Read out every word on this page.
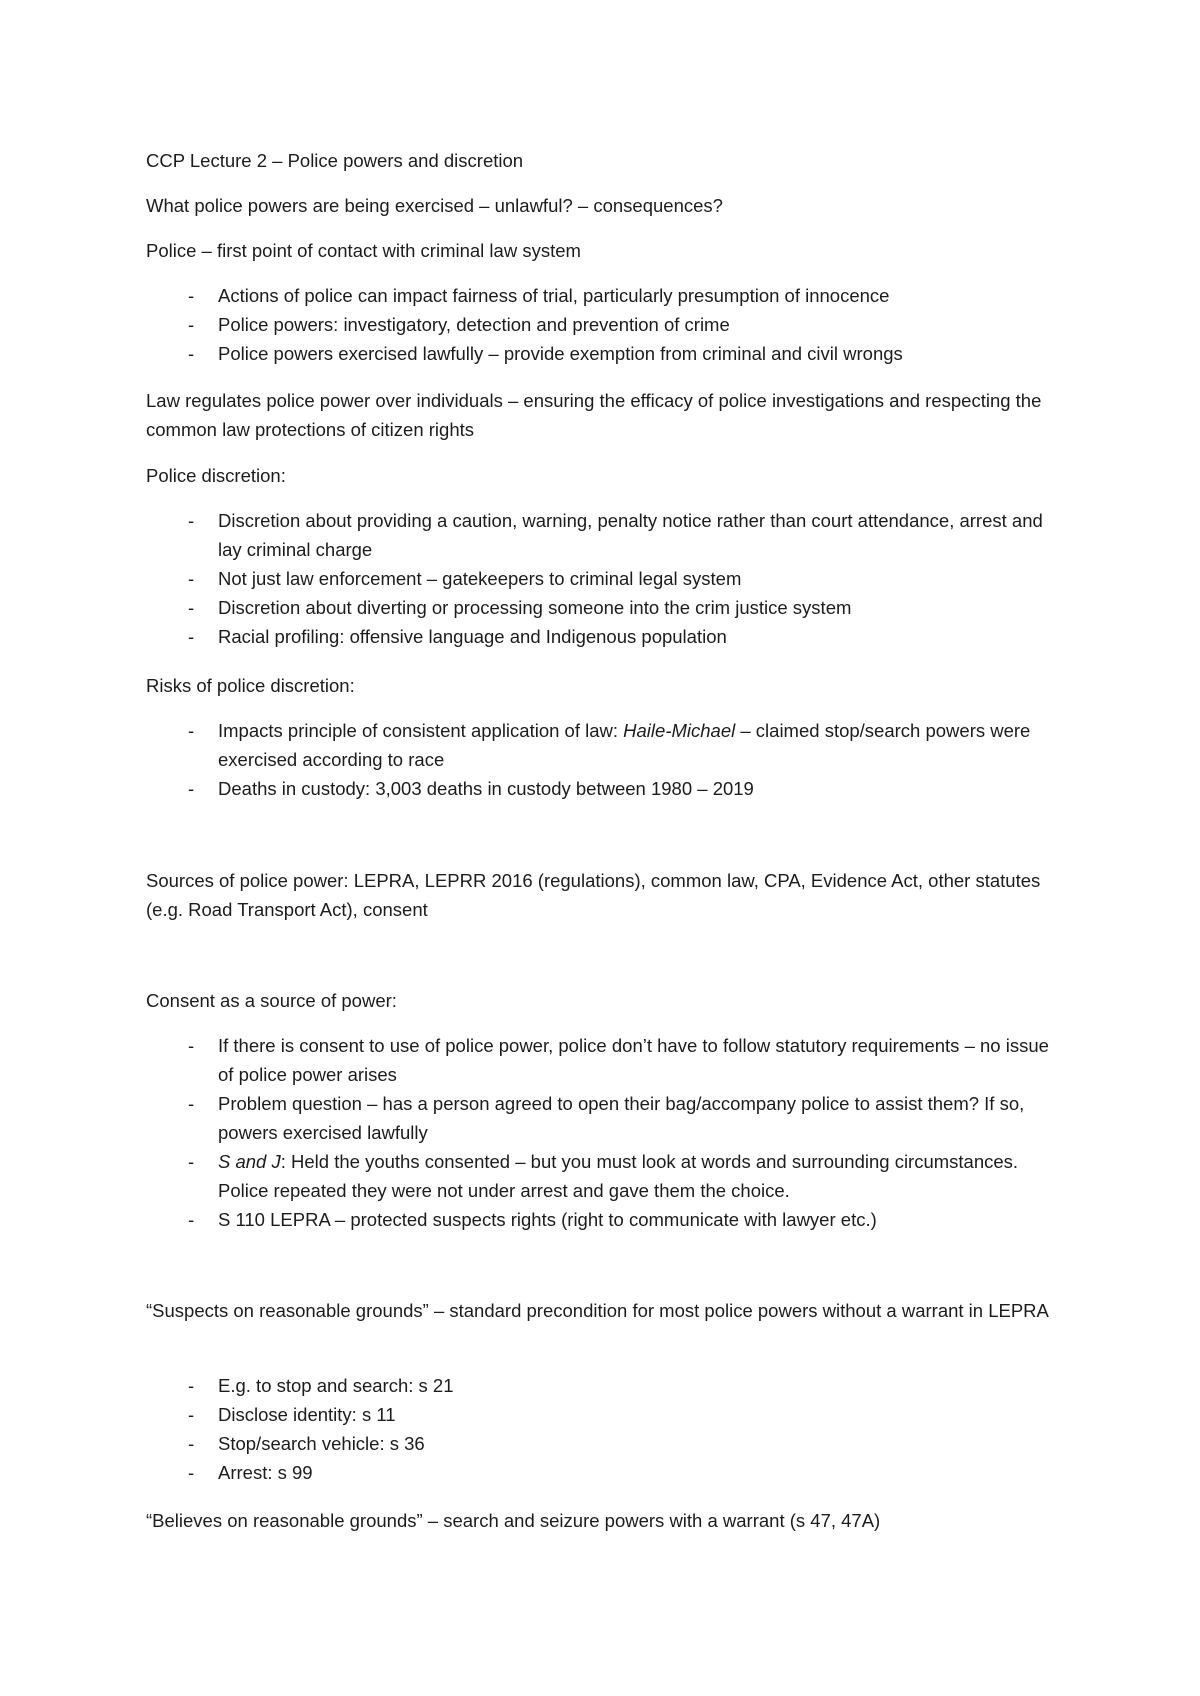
CCP Lecture 2 – Police powers and discretion

What police powers are being exercised – unlawful? – consequences?

Police – first point of contact with criminal law system

- Actions of police can impact fairness of trial, particularly presumption of innocence
- Police powers: investigatory, detection and prevention of crime
- Police powers exercised lawfully – provide exemption from criminal and civil wrongs

Law regulates police power over individuals – ensuring the efficacy of police investigations and respecting the common law protections of citizen rights

Police discretion:

- Discretion about providing a caution, warning, penalty notice rather than court attendance, arrest and lay criminal charge
- Not just law enforcement – gatekeepers to criminal legal system
- Discretion about diverting or processing someone into the crim justice system
- Racial profiling: offensive language and Indigenous population

Risks of police discretion:

- Impacts principle of consistent application of law: Haile-Michael – claimed stop/search powers were exercised according to race
- Deaths in custody: 3,003 deaths in custody between 1980 – 2019

Sources of police power: LEPRA, LEPRR 2016 (regulations), common law, CPA, Evidence Act, other statutes (e.g. Road Transport Act), consent

Consent as a source of power:

- If there is consent to use of police power, police don’t have to follow statutory requirements – no issue of police power arises
- Problem question – has a person agreed to open their bag/accompany police to assist them? If so, powers exercised lawfully
- S and J: Held the youths consented – but you must look at words and surrounding circumstances. Police repeated they were not under arrest and gave them the choice.
- S 110 LEPRA – protected suspects rights (right to communicate with lawyer etc.)

“Suspects on reasonable grounds” – standard precondition for most police powers without a warrant in LEPRA

- E.g. to stop and search: s 21
- Disclose identity: s 11
- Stop/search vehicle: s 36
- Arrest: s 99

“Believes on reasonable grounds” – search and seizure powers with a warrant (s 47, 47A)
